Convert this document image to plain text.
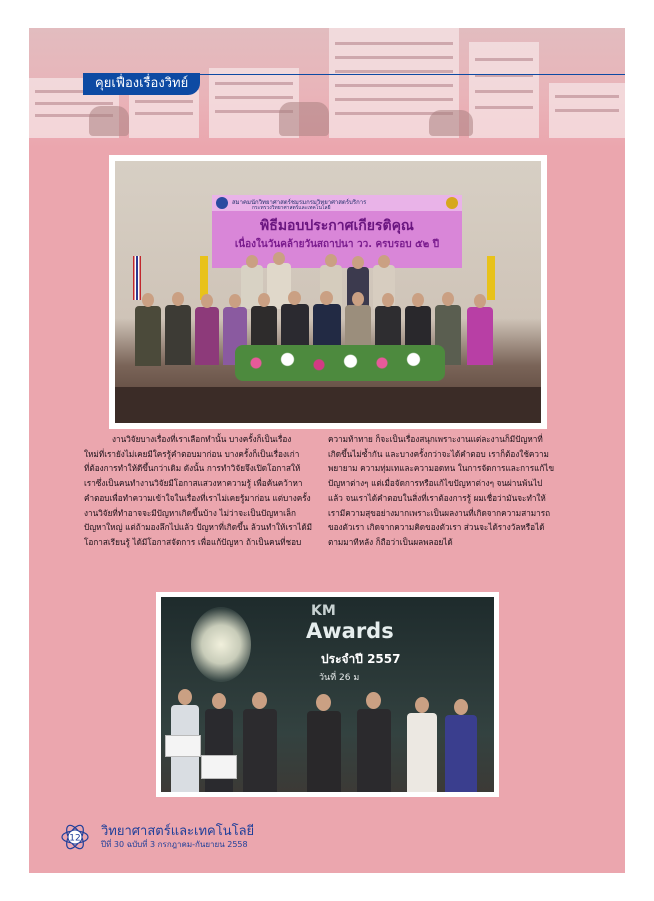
คุยเฟื่องเรื่องวิทย์
สมาคมนักวิทยาศาสตร์ชมรมกรมวิทยาศาสตร์บริการ
กระทรวงวิทยาศาสตร์และเทคโนโลยี
พิธีมอบประกาศเกียรติคุณ
เนื่องในวันคล้ายวันสถาปนา วว. ครบรอบ ๕๒ ปี
งานวิจัยบางเรื่องที่เราเลือกทำนั้น บางครั้งก็เป็นเรื่อง
ใหม่ที่เรายังไม่เคยมีใครรู้คำตอบมาก่อน บางครั้งก็เป็นเรื่องเก่า
ที่ต้องการทำให้ดีขึ้นกว่าเดิม ดังนั้น การทำวิจัยจึงเปิดโอกาสให้
เราซึ่งเป็นคนทำงานวิจัยมีโอกาสแสวงหาความรู้ เพื่อค้นคว้าหา
คำตอบเพื่อทำความเข้าใจในเรื่องที่เราไม่เคยรู้มาก่อน แต่บางครั้ง
งานวิจัยที่ทำอาจจะมีปัญหาเกิดขึ้นบ้าง ไม่ว่าจะเป็นปัญหาเล็ก
ปัญหาใหญ่ แต่ถ้ามองลึกไปแล้ว ปัญหาที่เกิดขึ้น ล้วนทำให้เราได้มี
โอกาสเรียนรู้ ได้มีโอกาสจัดการ เพื่อแก้ปัญหา ถ้าเป็นคนที่ชอบ
ความท้าทาย ก็จะเป็นเรื่องสนุกเพราะงานแต่ละงานก็มีปัญหาที่
เกิดขึ้นไม่ซ้ำกัน และบางครั้งกว่าจะได้คำตอบ เราก็ต้องใช้ความ
พยายาม ความทุ่มเทและความอดทน ในการจัดการและการแก้ไข
ปัญหาต่างๆ แต่เมื่อจัดการหรือแก้ไขปัญหาต่างๆ จนผ่านพ้นไป
แล้ว จนเราได้คำตอบในสิ่งที่เราต้องการรู้ ผมเชื่อว่ามันจะทำให้
เรามีความสุขอย่างมากเพราะเป็นผลงานที่เกิดจากความสามารถ
ของตัวเรา เกิดจากความคิดของตัวเรา ส่วนจะได้รางวัลหรือได้
ตามมาทีหลัง ก็ถือว่าเป็นผลพลอยได้
KM
Awards
ประจำปี 2557
วันที่ 26 ม
12 วิทยาศาสตร์และเทคโนโลยี
ปีที่ 30 ฉบับที่ 3 กรกฎาคม-กันยายน 2558
